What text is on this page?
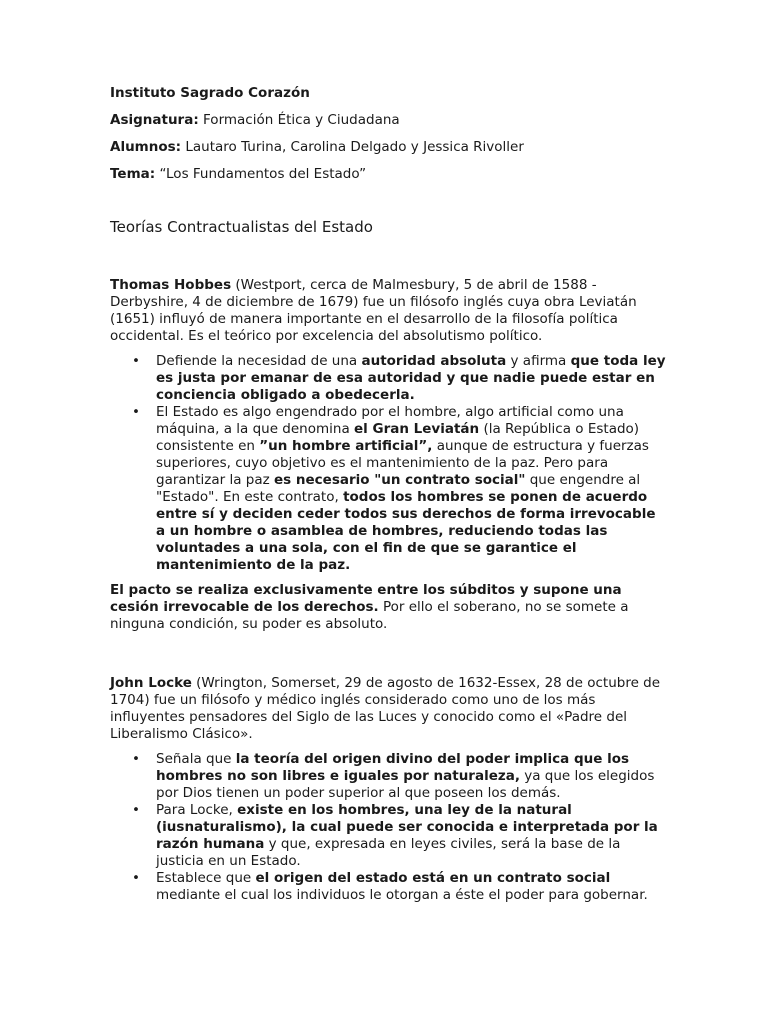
Instituto Sagrado Corazón

Asignatura: Formación Ética y Ciudadana

Alumnos: Lautaro Turina, Carolina Delgado y Jessica Rivoller

Tema: “Los Fundamentos del Estado”

Teorías Contractualistas del Estado

Thomas Hobbes (Westport, cerca de Malmesbury, 5 de abril de 1588 - Derbyshire, 4 de diciembre de 1679) fue un filósofo inglés cuya obra Leviatán (1651) influyó de manera importante en el desarrollo de la filosofía política occidental. Es el teórico por excelencia del absolutismo político.

• Defiende la necesidad de una autoridad absoluta y afirma que toda ley es justa por emanar de esa autoridad y que nadie puede estar en conciencia obligado a obedecerla.
• El Estado es algo engendrado por el hombre, algo artificial como una máquina, a la que denomina el Gran Leviatán (la República o Estado) consistente en ”un hombre artificial”, aunque de estructura y fuerzas superiores, cuyo objetivo es el mantenimiento de la paz. Pero para garantizar la paz es necesario "un contrato social" que engendre al "Estado". En este contrato, todos los hombres se ponen de acuerdo entre sí y deciden ceder todos sus derechos de forma irrevocable a un hombre o asamblea de hombres, reduciendo todas las voluntades a una sola, con el fin de que se garantice el mantenimiento de la paz.

El pacto se realiza exclusivamente entre los súbditos y supone una cesión irrevocable de los derechos. Por ello el soberano, no se somete a ninguna condición, su poder es absoluto.

John Locke (Wrington, Somerset, 29 de agosto de 1632-Essex, 28 de octubre de 1704) fue un filósofo y médico inglés considerado como uno de los más influyentes pensadores del Siglo de las Luces y conocido como el «Padre del Liberalismo Clásico».

• Señala que la teoría del origen divino del poder implica que los hombres no son libres e iguales por naturaleza, ya que los elegidos por Dios tienen un poder superior al que poseen los demás.
• Para Locke, existe en los hombres, una ley de la natural (iusnaturalismo), la cual puede ser conocida e interpretada por la razón humana y que, expresada en leyes civiles, será la base de la justicia en un Estado.
• Establece que el origen del estado está en un contrato social mediante el cual los individuos le otorgan a éste el poder para gobernar.
